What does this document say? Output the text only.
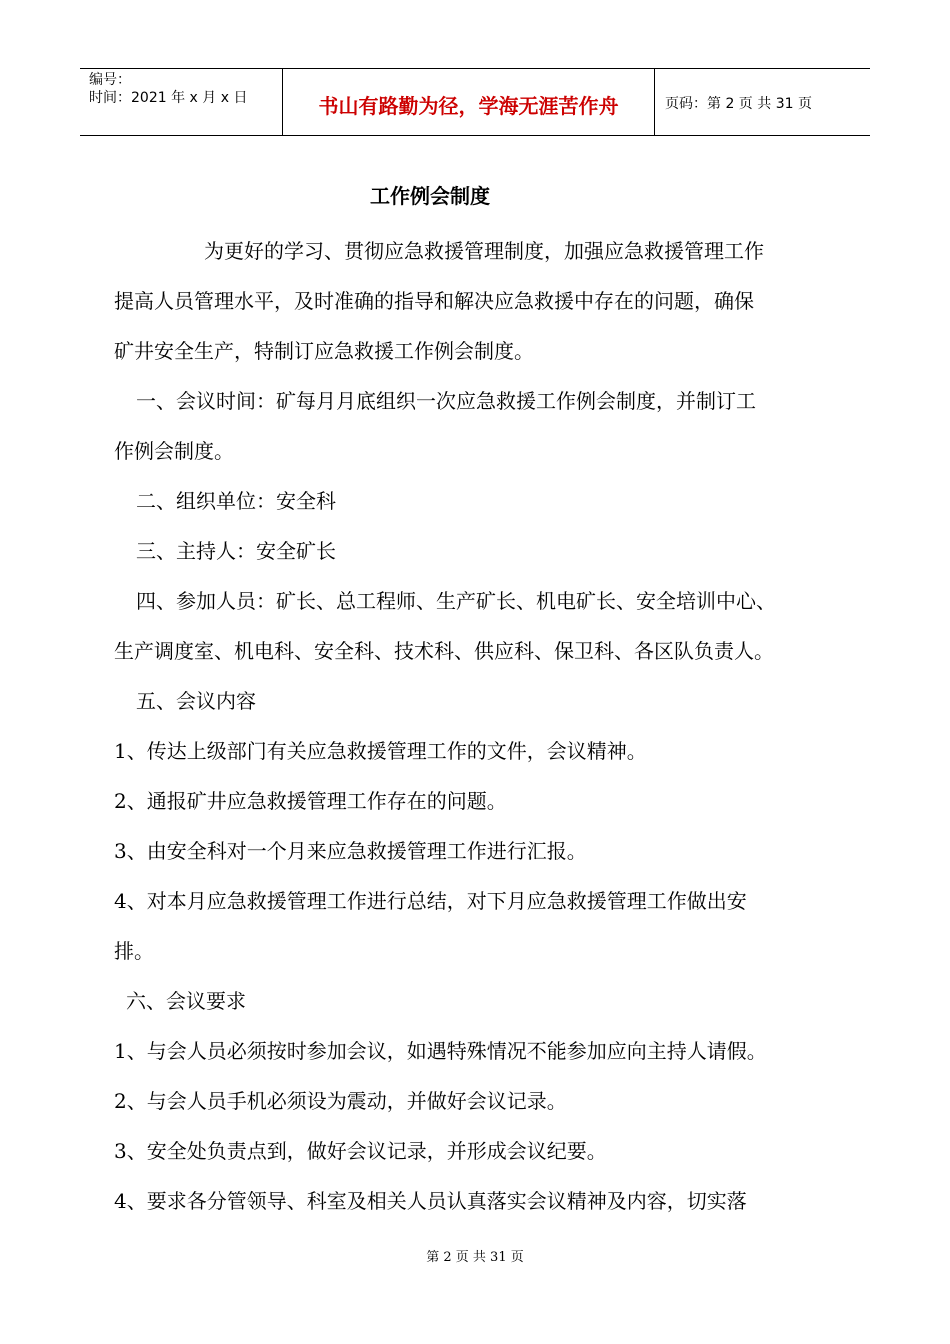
编号：
时间：2021 年 x 月 x 日	书山有路勤为径，学海无涯苦作舟	页码：第 2 页 共 31 页
工作例会制度

为更好的学习、贯彻应急救援管理制度，加强应急救援管理工作

提高人员管理水平，及时准确的指导和解决应急救援中存在的问题，确保

矿井安全生产，特制订应急救援工作例会制度。

一、会议时间：矿每月月底组织一次应急救援工作例会制度，并制订工

作例会制度。

二、组织单位：安全科

三、主持人：安全矿长

四、参加人员：矿长、总工程师、生产矿长、机电矿长、安全培训中心、

生产调度室、机电科、安全科、技术科、供应科、保卫科、各区队负责人。

五、会议内容

1、传达上级部门有关应急救援管理工作的文件，会议精神。

2、通报矿井应急救援管理工作存在的问题。

3、由安全科对一个月来应急救援管理工作进行汇报。

4、对本月应急救援管理工作进行总结，对下月应急救援管理工作做出安

排。

六、会议要求

1、与会人员必须按时参加会议，如遇特殊情况不能参加应向主持人请假。

2、与会人员手机必须设为震动，并做好会议记录。

3、安全处负责点到，做好会议记录，并形成会议纪要。

4、要求各分管领导、科室及相关人员认真落实会议精神及内容，切实落

第 2 页 共 31 页
